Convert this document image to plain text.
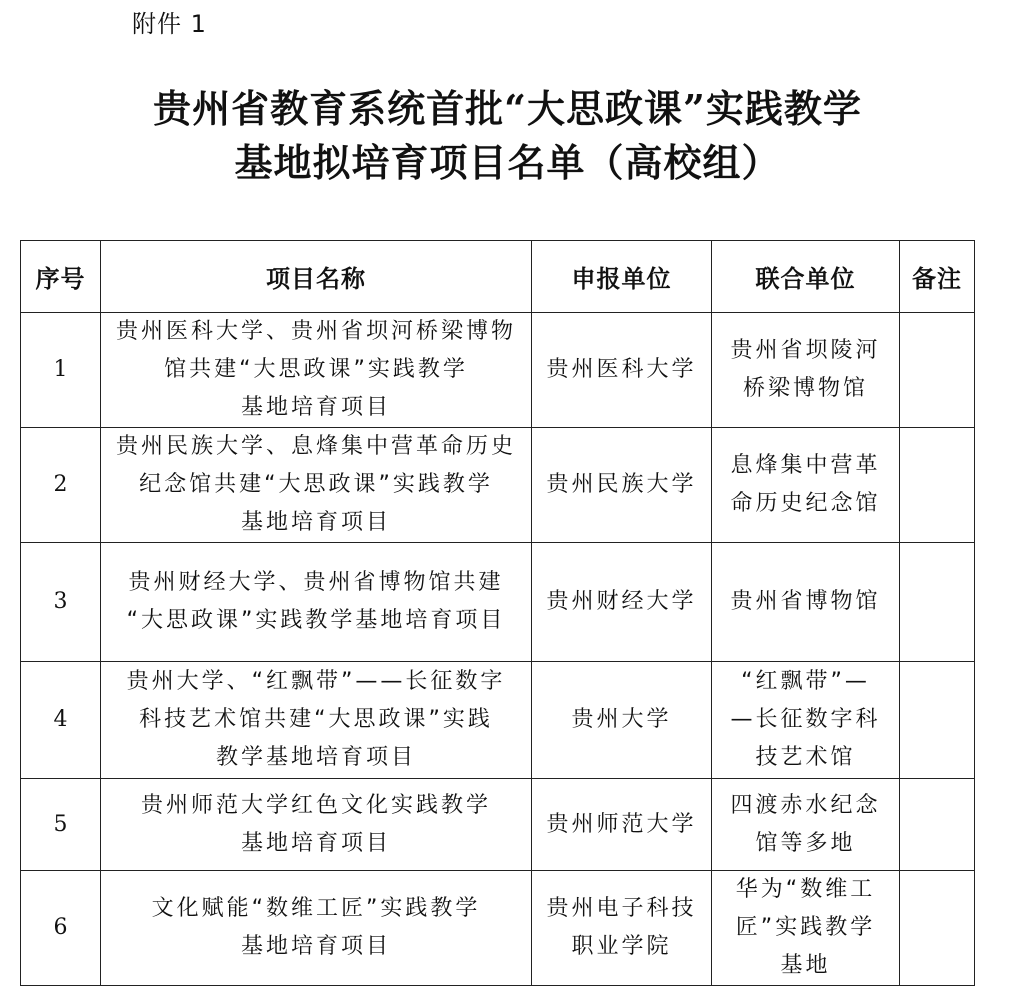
附件 1
贵州省教育系统首批“大思政课”实践教学
基地拟培育项目名单（高校组）
序号	项目名称	申报单位	联合单位	备注
1	贵州医科大学、贵州省坝河桥梁博物
馆共建“大思政课”实践教学
基地培育项目	贵州医科大学	贵州省坝陵河
桥梁博物馆	
2	贵州民族大学、息烽集中营革命历史
纪念馆共建“大思政课”实践教学
基地培育项目	贵州民族大学	息烽集中营革
命历史纪念馆	
3	贵州财经大学、贵州省博物馆共建
“大思政课”实践教学基地培育项目	贵州财经大学	贵州省博物馆	
4	贵州大学、“红飘带”——长征数字
科技艺术馆共建“大思政课”实践
教学基地培育项目	贵州大学	“红飘带”—
—长征数字科
技艺术馆	
5	贵州师范大学红色文化实践教学
基地培育项目	贵州师范大学	四渡赤水纪念
馆等多地	
6	文化赋能“数维工匠”实践教学
基地培育项目	贵州电子科技
职业学院	华为“数维工
匠”实践教学
基地	
